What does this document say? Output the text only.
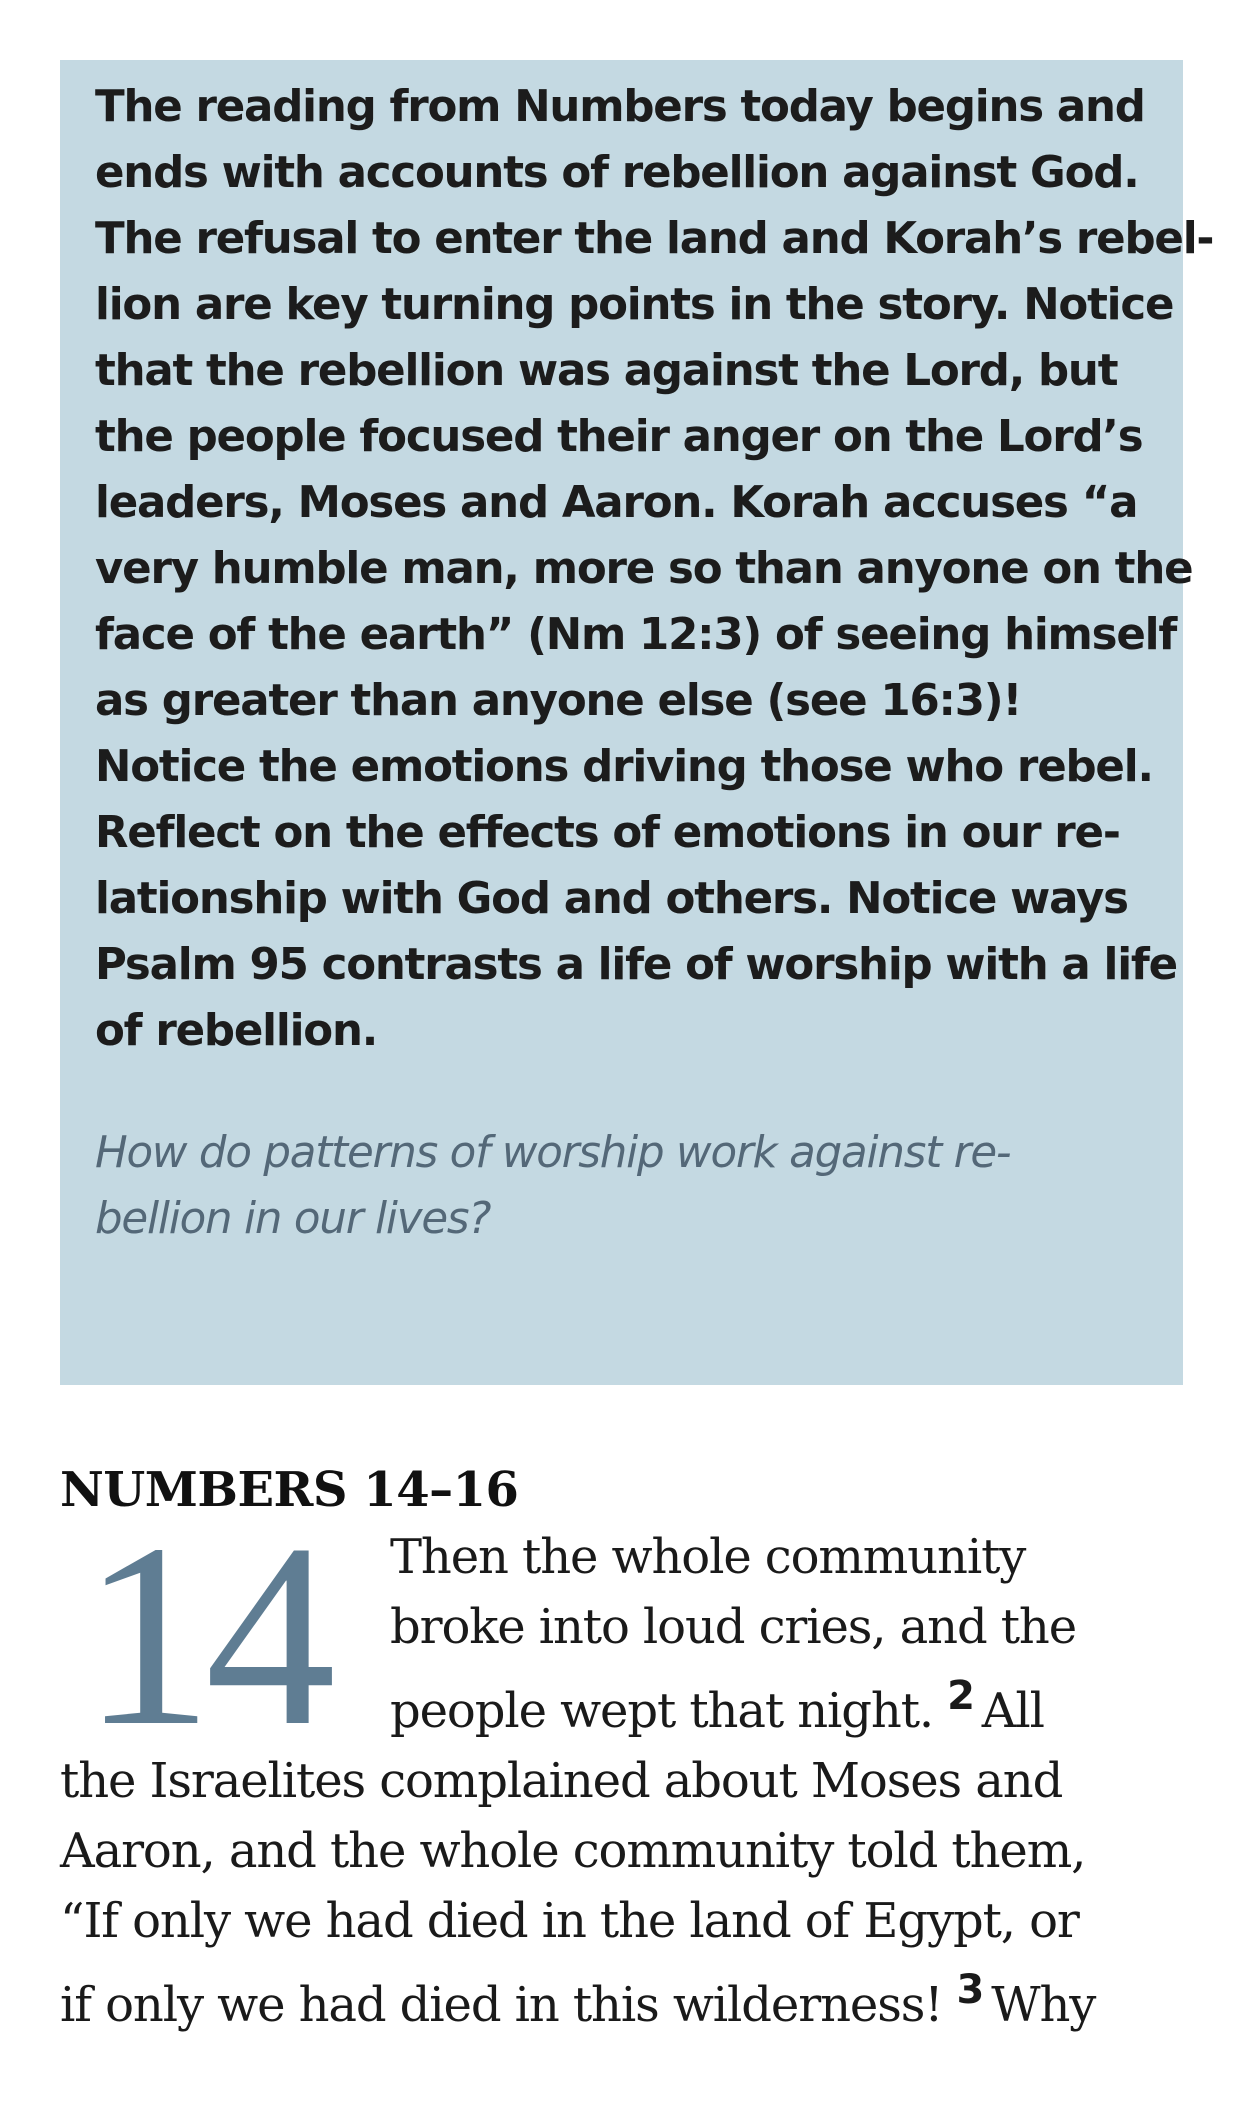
The reading from Numbers today begins and
ends with accounts of rebellion against God.
The refusal to enter the land and Korah’s rebel-
lion are key turning points in the story. Notice
that the rebellion was against the Lord, but
the people focused their anger on the Lord’s
leaders, Moses and Aaron. Korah accuses “a
very humble man, more so than anyone on the
face of the earth” (Nm 12:3) of seeing himself
as greater than anyone else (see 16:3)!
Notice the emotions driving those who rebel.
Reflect on the effects of emotions in our re-
lationship with God and others. Notice ways
Psalm 95 contrasts a life of worship with a life
of rebellion.

How do patterns of worship work against re-
bellion in our lives?

NUMBERS 14–16
14	Then the whole community
broke into loud cries, and the
people wept that night. $^2$ All
the Israelites complained about Moses and
Aaron, and the whole community told them,
“If only we had died in the land of Egypt, or
if only we had died in this wilderness! $^3$ Why
